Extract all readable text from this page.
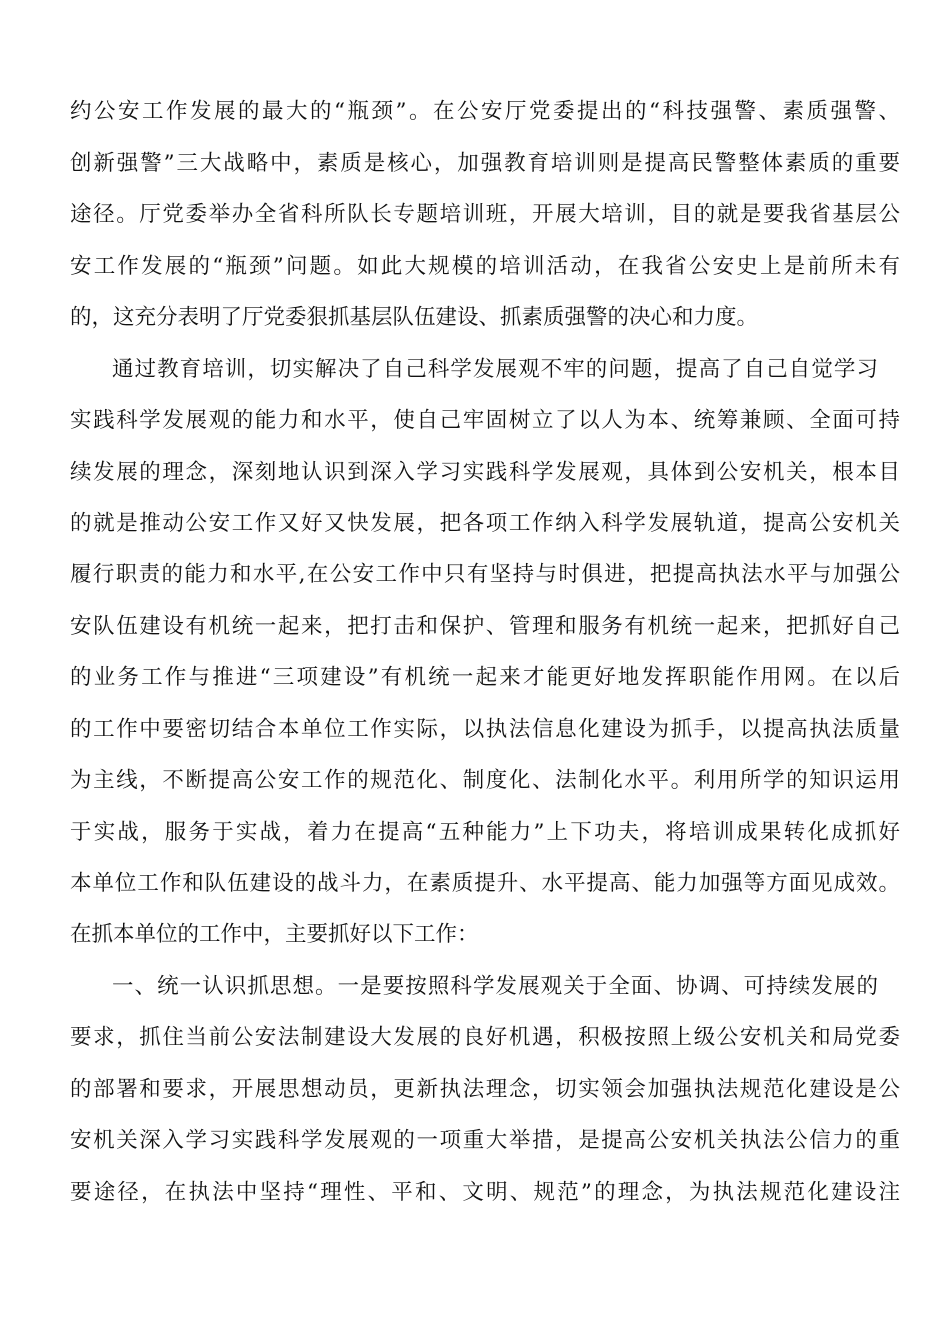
约公安工作发展的最大的“瓶颈”。在公安厅党委提出的“科技强警、素质强警、
创新强警”三大战略中，素质是核心，加强教育培训则是提高民警整体素质的重要
途径。厅党委举办全省科所队长专题培训班，开展大培训，目的就是要我省基层公
安工作发展的“瓶颈”问题。如此大规模的培训活动，在我省公安史上是前所未有
的，这充分表明了厅党委狠抓基层队伍建设、抓素质强警的决心和力度。
通过教育培训，切实解决了自己科学发展观不牢的问题，提高了自己自觉学习
实践科学发展观的能力和水平，使自己牢固树立了以人为本、统筹兼顾、全面可持
续发展的理念，深刻地认识到深入学习实践科学发展观，具体到公安机关，根本目
的就是推动公安工作又好又快发展，把各项工作纳入科学发展轨道，提高公安机关
履行职责的能力和水平,在公安工作中只有坚持与时俱进，把提高执法水平与加强公
安队伍建设有机统一起来，把打击和保护、管理和服务有机统一起来，把抓好自己
的业务工作与推进“三项建设”有机统一起来才能更好地发挥职能作用网。在以后
的工作中要密切结合本单位工作实际，以执法信息化建设为抓手，以提高执法质量
为主线，不断提高公安工作的规范化、制度化、法制化水平。利用所学的知识运用
于实战，服务于实战，着力在提高“五种能力”上下功夫，将培训成果转化成抓好
本单位工作和队伍建设的战斗力，在素质提升、水平提高、能力加强等方面见成效。
在抓本单位的工作中，主要抓好以下工作：
一、统一认识抓思想。一是要按照科学发展观关于全面、协调、可持续发展的
要求，抓住当前公安法制建设大发展的良好机遇，积极按照上级公安机关和局党委
的部署和要求，开展思想动员，更新执法理念，切实领会加强执法规范化建设是公
安机关深入学习实践科学发展观的一项重大举措，是提高公安机关执法公信力的重
要途径，在执法中坚持“理性、平和、文明、规范”的理念，为执法规范化建设注
